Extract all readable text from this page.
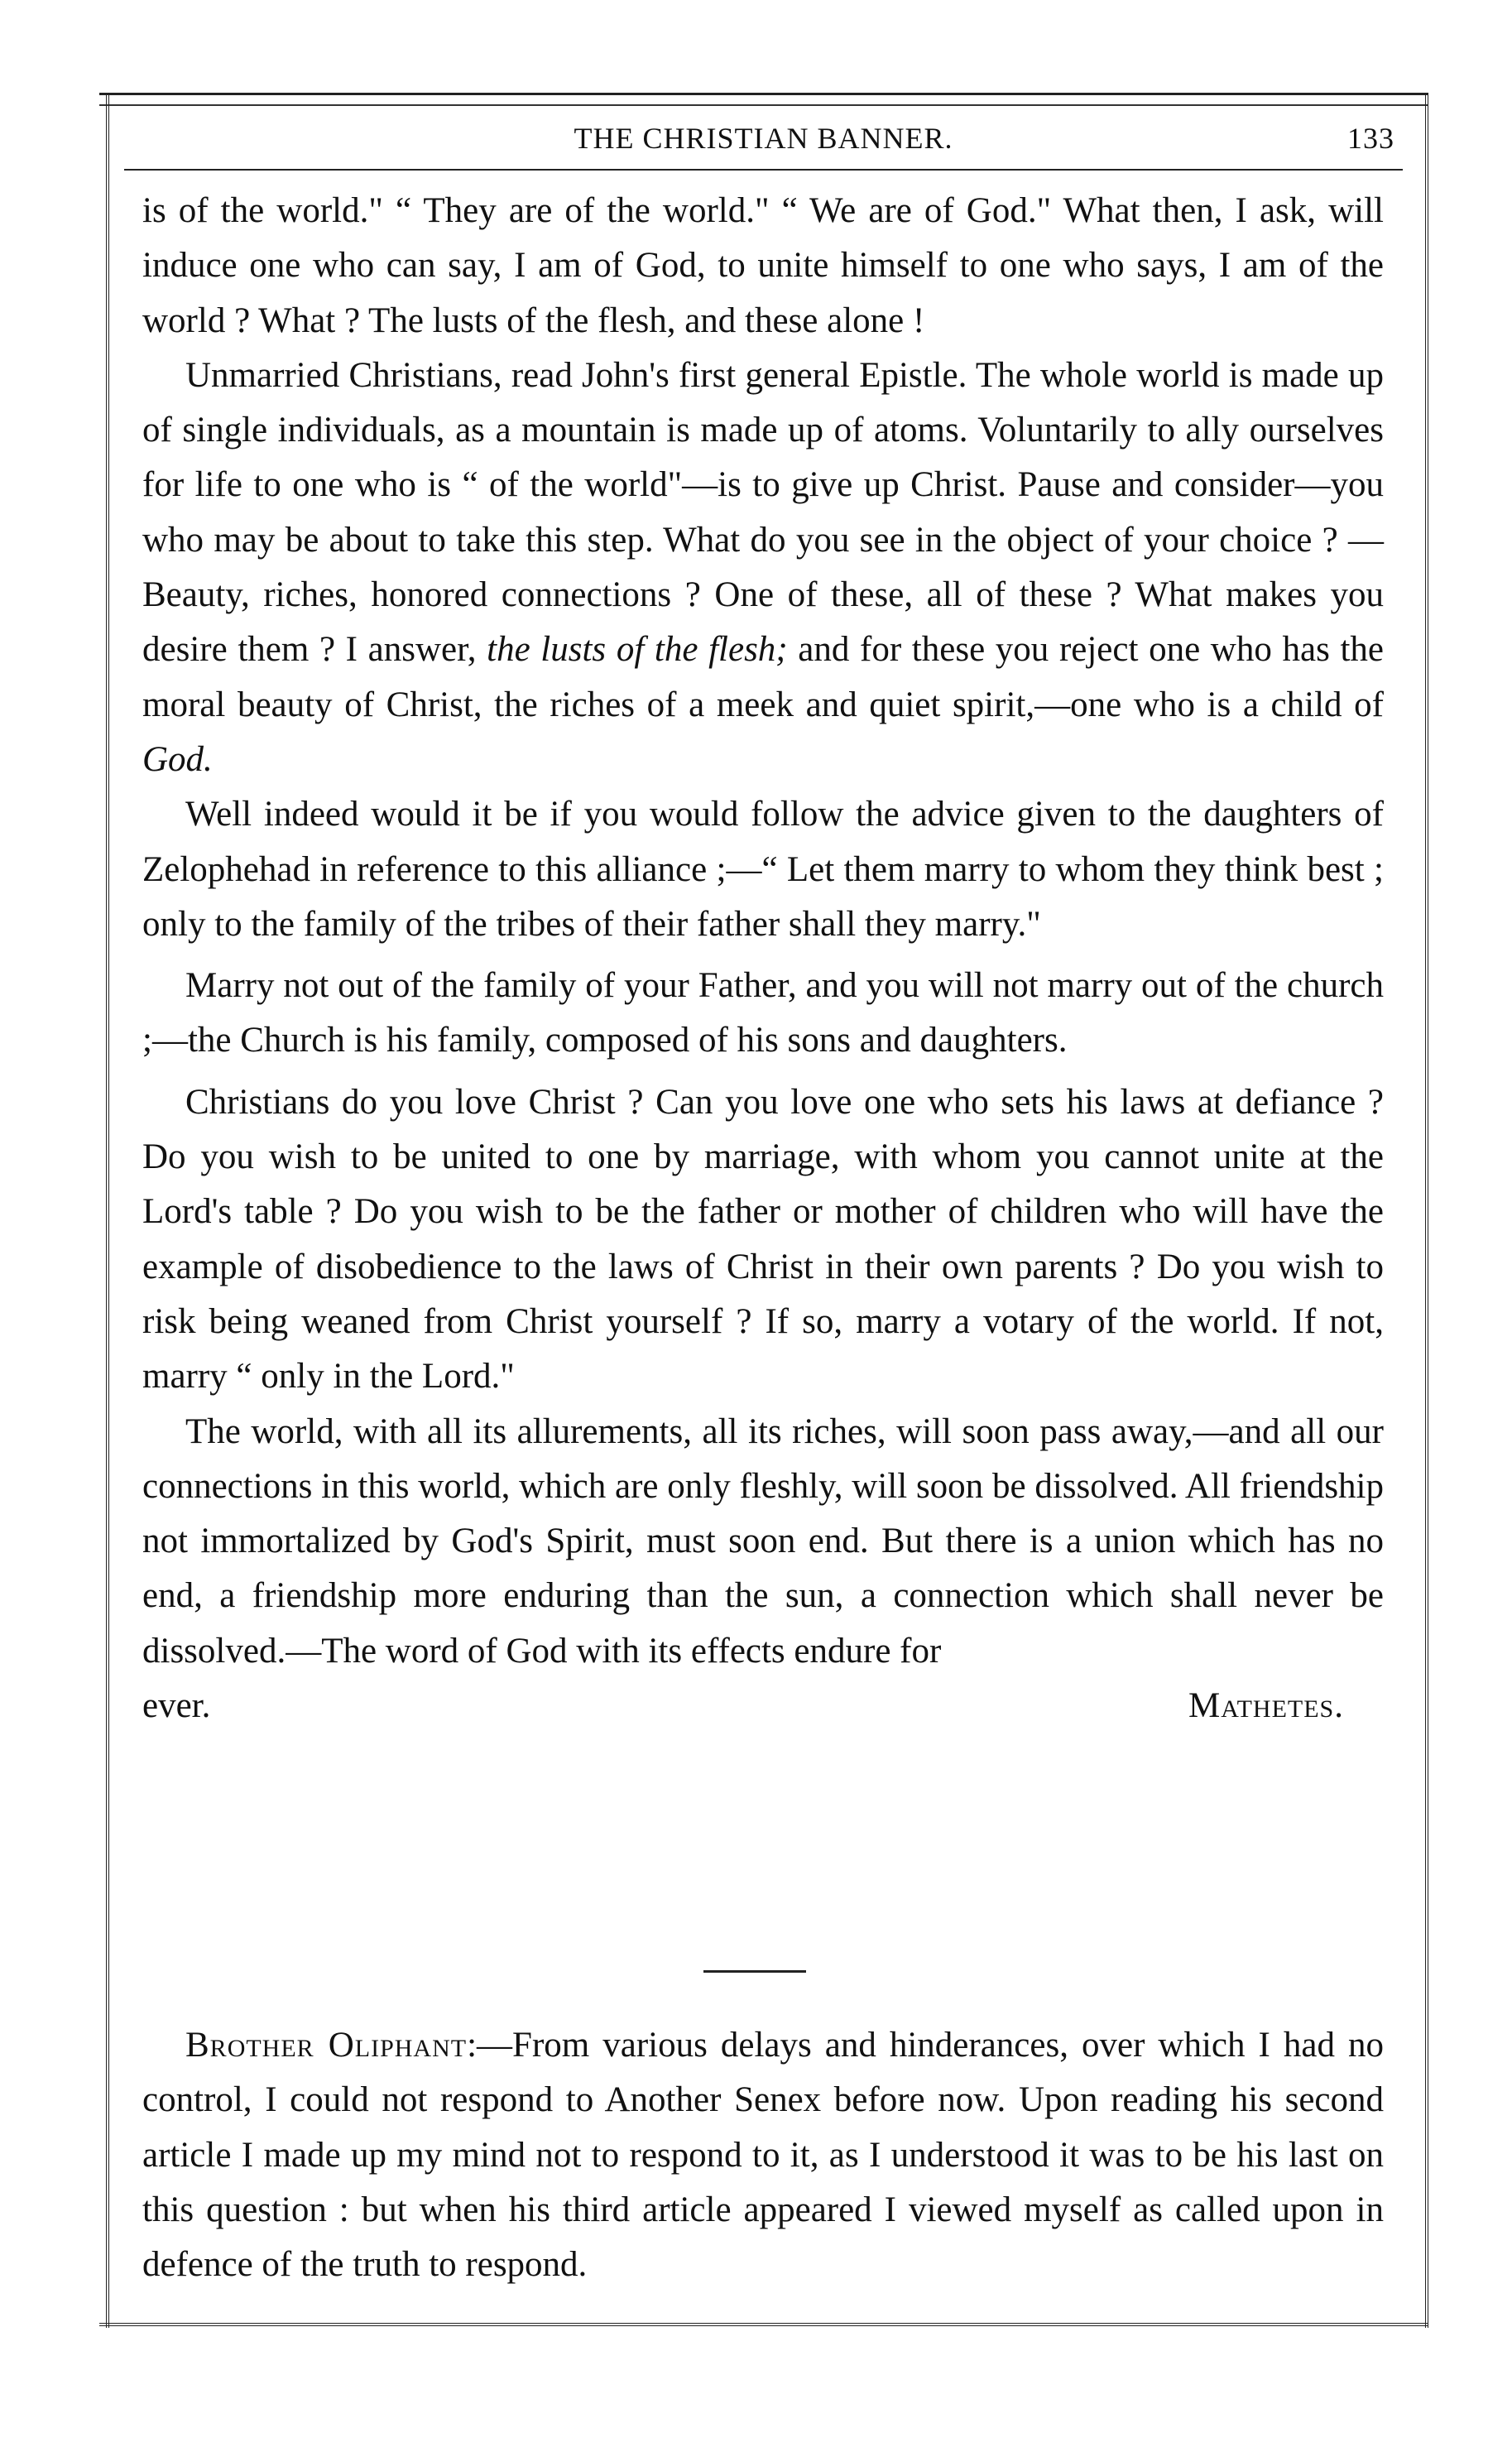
THE CHRISTIAN BANNER.	133

is of the world." “ They are of the world." “ We are of God." What then, I ask, will induce one who can say, I am of God, to unite himself to one who says, I am of the world ? What ? The lusts of the flesh, and these alone !

Unmarried Christians, read John's first general Epistle. The whole world is made up of single individuals, as a mountain is made up of atoms. Voluntarily to ally ourselves for life to one who is “ of the world"—is to give up Christ. Pause and consider—you who may be about to take this step. What do you see in the object of your choice ? —Beauty, riches, honored connections ? One of these, all of these ? What makes you desire them ? I answer, the lusts of the flesh; and for these you reject one who has the moral beauty of Christ, the riches of a meek and quiet spirit,—one who is a child of God.

Well indeed would it be if you would follow the advice given to the daughters of Zelophehad in reference to this alliance ;—“ Let them marry to whom they think best ; only to the family of the tribes of their father shall they marry."

Marry not out of the family of your Father, and you will not marry out of the church ;—the Church is his family, composed of his sons and daughters.

Christians do you love Christ ? Can you love one who sets his laws at defiance ? Do you wish to be united to one by marriage, with whom you cannot unite at the Lord's table ? Do you wish to be the father or mother of children who will have the example of disobedience to the laws of Christ in their own parents ? Do you wish to risk being weaned from Christ yourself ? If so, marry a votary of the world. If not, marry “ only in the Lord."

The world, with all its allurements, all its riches, will soon pass away,—and all our connections in this world, which are only fleshly, will soon be dissolved. All friendship not immortalized by God's Spirit, must soon end. But there is a union which has no end, a friendship more enduring than the sun, a connection which shall never be dissolved.—The word of God with its effects endure for

ever.	Mathetes.

Brother Oliphant:—From various delays and hinderances, over which I had no control, I could not respond to Another Senex before now. Upon reading his second article I made up my mind not to respond to it, as I understood it was to be his last on this question : but when his third article appeared I viewed myself as called upon in defence of the truth to respond.
